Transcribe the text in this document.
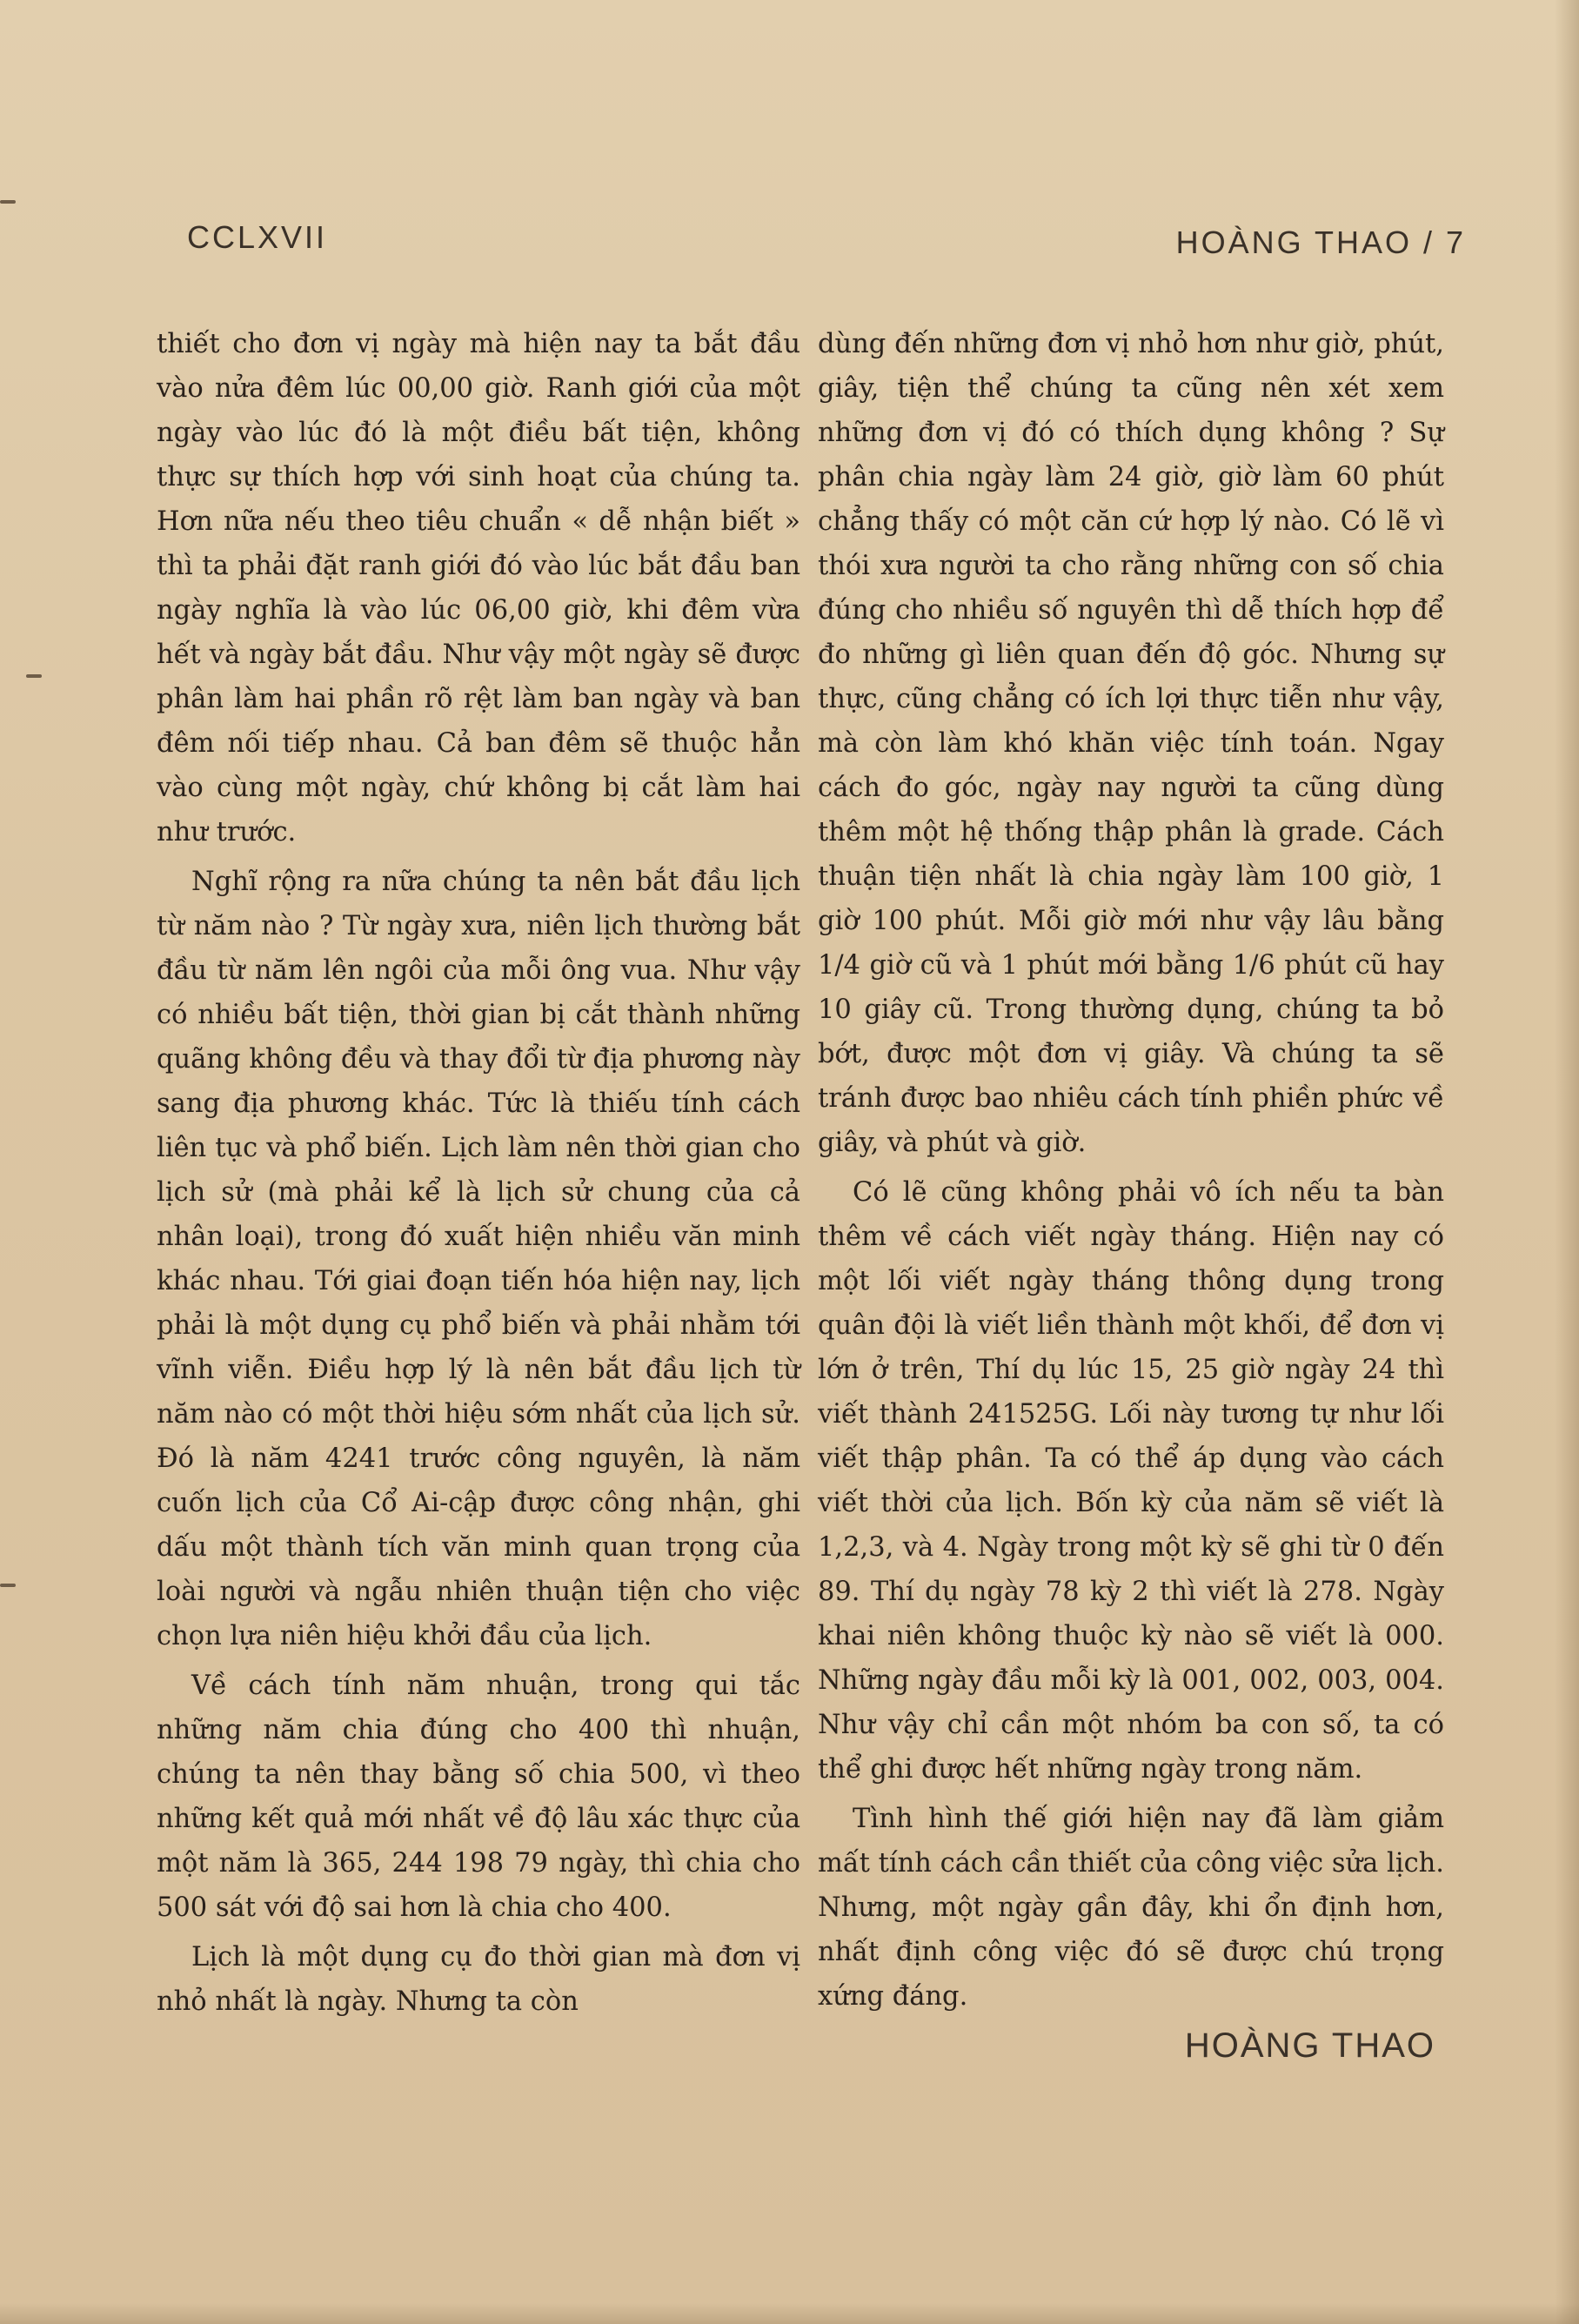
CCLXVII	HOÀNG THAO / 7

thiết cho đơn vị ngày mà hiện nay ta bắt đầu vào nửa đêm lúc 00,00 giờ. Ranh giới của một ngày vào lúc đó là một điều bất tiện, không thực sự thích hợp với sinh hoạt của chúng ta. Hơn nữa nếu theo tiêu chuẩn « dễ nhận biết » thì ta phải đặt ranh giới đó vào lúc bắt đầu ban ngày nghĩa là vào lúc 06,00 giờ, khi đêm vừa hết và ngày bắt đầu. Như vậy một ngày sẽ được phân làm hai phần rõ rệt làm ban ngày và ban đêm nối tiếp nhau. Cả ban đêm sẽ thuộc hẳn vào cùng một ngày, chứ không bị cắt làm hai như trước.

Nghĩ rộng ra nữa chúng ta nên bắt đầu lịch từ năm nào ? Từ ngày xưa, niên lịch thường bắt đầu từ năm lên ngôi của mỗi ông vua. Như vậy có nhiều bất tiện, thời gian bị cắt thành những quãng không đều và thay đổi từ địa phương này sang địa phương khác. Tức là thiếu tính cách liên tục và phổ biến. Lịch làm nên thời gian cho lịch sử (mà phải kể là lịch sử chung của cả nhân loại), trong đó xuất hiện nhiều văn minh khác nhau. Tới giai đoạn tiến hóa hiện nay, lịch phải là một dụng cụ phổ biến và phải nhằm tới vĩnh viễn. Điều hợp lý là nên bắt đầu lịch từ năm nào có một thời hiệu sớm nhất của lịch sử. Đó là năm 4241 trước công nguyên, là năm cuốn lịch của Cổ Ai-cập được công nhận, ghi dấu một thành tích văn minh quan trọng của loài người và ngẫu nhiên thuận tiện cho việc chọn lựa niên hiệu khởi đầu của lịch.

Về cách tính năm nhuận, trong qui tắc những năm chia đúng cho 400 thì nhuận, chúng ta nên thay bằng số chia 500, vì theo những kết quả mới nhất về độ lâu xác thực của một năm là 365, 244 198 79 ngày, thì chia cho 500 sát với độ sai hơn là chia cho 400.

Lịch là một dụng cụ đo thời gian mà đơn vị nhỏ nhất là ngày. Nhưng ta còn

dùng đến những đơn vị nhỏ hơn như giờ, phút, giây, tiện thể chúng ta cũng nên xét xem những đơn vị đó có thích dụng không ? Sự phân chia ngày làm 24 giờ, giờ làm 60 phút chẳng thấy có một căn cứ hợp lý nào. Có lẽ vì thói xưa người ta cho rằng những con số chia đúng cho nhiều số nguyên thì dễ thích hợp để đo những gì liên quan đến độ góc. Nhưng sự thực, cũng chẳng có ích lợi thực tiễn như vậy, mà còn làm khó khăn việc tính toán. Ngay cách đo góc, ngày nay người ta cũng dùng thêm một hệ thống thập phân là grade. Cách thuận tiện nhất là chia ngày làm 100 giờ, 1 giờ 100 phút. Mỗi giờ mới như vậy lâu bằng 1/4 giờ cũ và 1 phút mới bằng 1/6 phút cũ hay 10 giây cũ. Trong thường dụng, chúng ta bỏ bớt, được một đơn vị giây. Và chúng ta sẽ tránh được bao nhiêu cách tính phiền phức về giây, và phút và giờ.

Có lẽ cũng không phải vô ích nếu ta bàn thêm về cách viết ngày tháng. Hiện nay có một lối viết ngày tháng thông dụng trong quân đội là viết liền thành một khối, để đơn vị lớn ở trên, Thí dụ lúc 15, 25 giờ ngày 24 thì viết thành 241525G. Lối này tương tự như lối viết thập phân. Ta có thể áp dụng vào cách viết thời của lịch. Bốn kỳ của năm sẽ viết là 1,2,3, và 4. Ngày trong một kỳ sẽ ghi từ 0 đến 89. Thí dụ ngày 78 kỳ 2 thì viết là 278. Ngày khai niên không thuộc kỳ nào sẽ viết là 000. Những ngày đầu mỗi kỳ là 001, 002, 003, 004. Như vậy chỉ cần một nhóm ba con số, ta có thể ghi được hết những ngày trong năm.

Tình hình thế giới hiện nay đã làm giảm mất tính cách cần thiết của công việc sửa lịch. Nhưng, một ngày gần đây, khi ổn định hơn, nhất định công việc đó sẽ được chú trọng xứng đáng.

HOÀNG THAO
